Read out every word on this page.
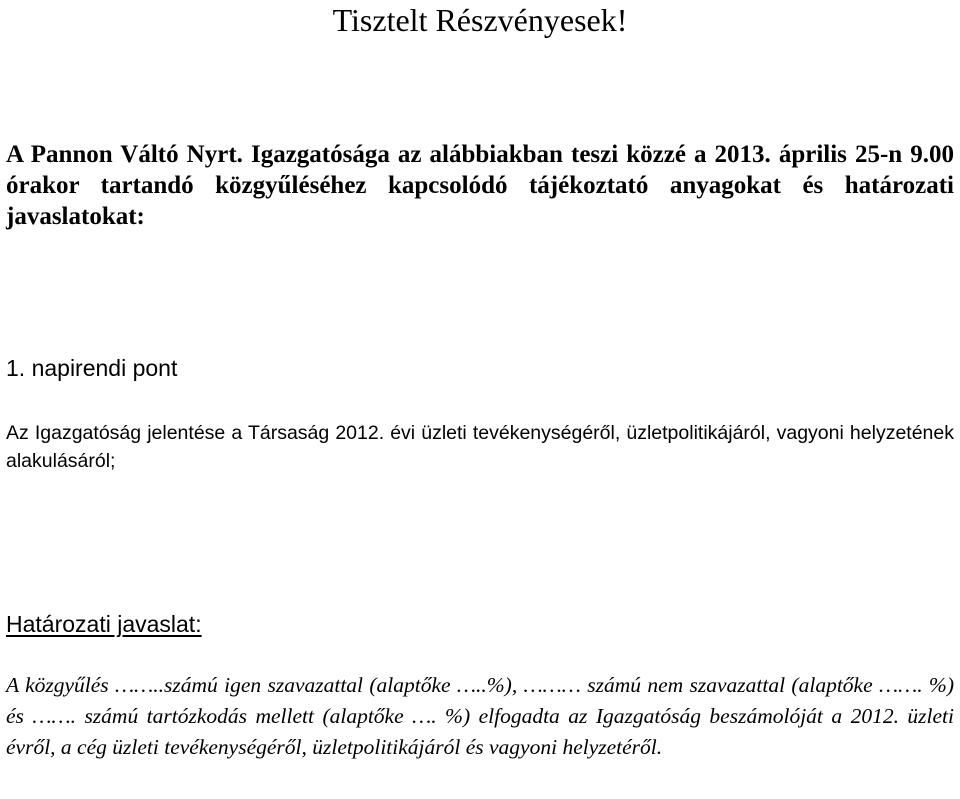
Tisztelt Részvényesek!

A Pannon Váltó Nyrt. Igazgatósága az alábbiakban teszi közzé a 2013. április 25-n 9.00 órakor tartandó közgyűléséhez kapcsolódó tájékoztató anyagokat és határozati javaslatokat:

1. napirendi pont

Az Igazgatóság jelentése a Társaság 2012. évi üzleti tevékenységéről, üzletpolitikájáról, vagyoni helyzetének alakulásáról;

Határozati javaslat:

A közgyűlés ……..számú igen szavazattal (alaptőke …..%), ……… számú nem szavazattal (alaptőke ……. %) és ……. számú tartózkodás mellett (alaptőke …. %) elfogadta az Igazgatóság beszámolóját a 2012. üzleti évről, a cég üzleti tevékenységéről, üzletpolitikájáról és vagyoni helyzetéről.
